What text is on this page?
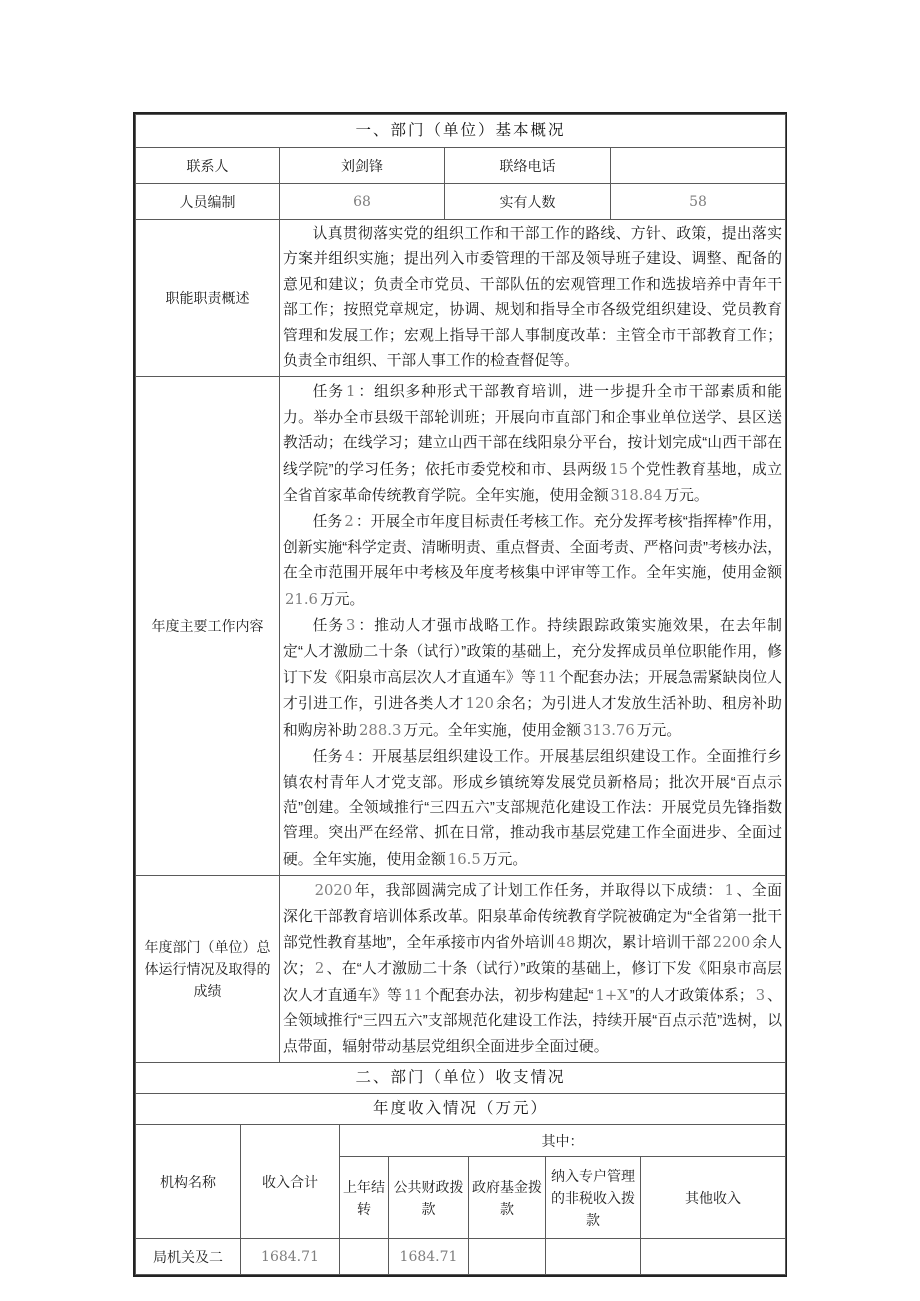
一、部门（单位）基本概况			
联系人	刘剑锋	联络电话	
人员编制	68	实有人数	58
职能职责概述	认真贯彻落实党的组织工作和干部工作的路线、方针、政策，提出落实方案并组织实施；提出列入市委管理的干部及领导班子建设、调整、配备的意见和建议；负责全市党员、干部队伍的宏观管理工作和选拔培养中青年干部工作；按照党章规定，协调、规划和指导全市各级党组织建设、党员教育管理和发展工作；宏观上指导干部人事制度改革：主管全市干部教育工作；负责全市组织、干部人事工作的检查督促等。

年度主要工作内容	任务 1 ：组织多种形式干部教育培训，进一步提升全市干部素质和能力。举办全市县级干部轮训班；开展向市直部门和企事业单位送学、县区送教活动；在线学习；建立山西干部在线阳泉分平台，按计划完成“山西干部在线学院”的学习任务；依托市委党校和市、县两级 15 个党性教育基地，成立全省首家革命传统教育学院。全年实施，使用金额 318.84 万元。

任务 2 ：开展全市年度目标责任考核工作。充分发挥考核“指挥棒”作用，创新实施“科学定责、清晰明责、重点督责、全面考责、严格问责”考核办法，在全市范围开展年中考核及年度考核集中评审等工作。全年实施，使用金额21.6 万元。

任务 3 ：推动人才强市战略工作。持续跟踪政策实施效果，在去年制定“人才激励二十条（试行）”政策的基础上，充分发挥成员单位职能作用，修订下发《阳泉市高层次人才直通车》等 11 个配套办法；开展急需紧缺岗位人才引进工作，引进各类人才 120 余名；为引进人才发放生活补助、租房补助和购房补助 288.3 万元。全年实施，使用金额 313.76 万元。

任务 4 ：开展基层组织建设工作。开展基层组织建设工作。全面推行乡镇农村青年人才党支部。形成乡镇统筹发展党员新格局；批次开展“百点示范”创建。全领域推行“三四五六”支部规范化建设工作法：开展党员先锋指数管理。突出严在经常、抓在日常，推动我市基层党建工作全面进步、全面过硬。全年实施，使用金额 16.5 万元。

年度部门（单位）总体运行情况及取得的成绩	2020 年，我部圆满完成了计划工作任务，并取得以下成绩： 1 、全面深化干部教育培训体系改革。阳泉革命传统教育学院被确定为“全省第一批干部党性教育基地”，全年承接市内省外培训 48 期次，累计培训干部 2200 余人次； 2 、在“人才激励二十条（试行）”政策的基础上，修订下发《阳泉市高层次人才直通车》等 11 个配套办法，初步构建起“ 1+X ”的人才政策体系； 3 、全领域推行“三四五六”支部规范化建设工作法，持续开展“百点示范”选树，以点带面，辐射带动基层党组织全面进步全面过硬。

二、部门（单位）收支情况	
年度收入情况（万元）	
机构名称	收入合计	其中：				
		上年结转	公共财政拨款	政府基金拨款	纳入专户管理的非税收入拨款	其他收入
局机关及二	1684.71		1684.71			
